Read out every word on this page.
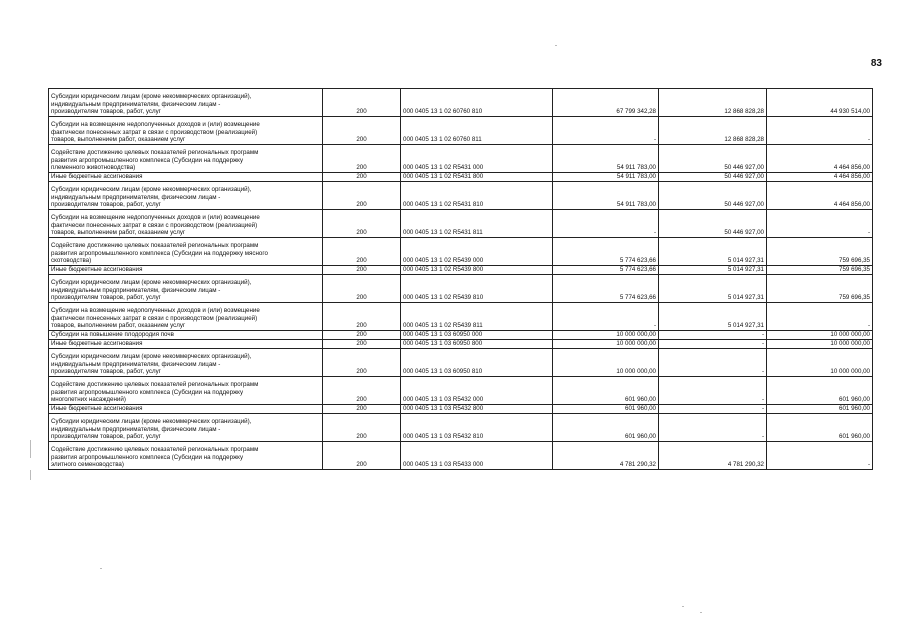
83
Субсидии юридическим лицам (кроме некоммерческих организаций),
индивидуальным предпринимателям, физическим лицам -
производителям товаров, работ, услуг	200	000 0405 13 1 02 60760 810	67 799 342,28	12 868 828,28	44 930 514,00

Субсидии на возмещение недополученных доходов и (или) возмещение
фактически понесенных затрат в связи с производством (реализацией)
товаров, выполнением работ, оказанием услуг	200	000 0405 13 1 02 60760 811	-	12 868 828,28	-

Содействие достижению целевых показателей региональных программ
развития агропромышленного комплекса (Субсидии на поддержку
племенного животноводства)	200	000 0405 13 1 02 R5431 000	54 911 783,00	50 446 927,00	4 464 856,00

Иные бюджетные ассигнования	200	000 0405 13 1 02 R5431 800	54 911 783,00	50 446 927,00	4 464 856,00

Субсидии юридическим лицам (кроме некоммерческих организаций),
индивидуальным предпринимателям, физическим лицам -
производителям товаров, работ, услуг	200	000 0405 13 1 02 R5431 810	54 911 783,00	50 446 927,00	4 464 856,00

Субсидии на возмещение недополученных доходов и (или) возмещение
фактически понесенных затрат в связи с производством (реализацией)
товаров, выполнением работ, оказанием услуг	200	000 0405 13 1 02 R5431 811	-	50 446 927,00	-

Содействие достижению целевых показателей региональных программ
развития агропромышленного комплекса (Субсидии на поддержку мясного
скотоводства)	200	000 0405 13 1 02 R5439 000	5 774 623,66	5 014 927,31	759 696,35

Иные бюджетные ассигнования	200	000 0405 13 1 02 R5439 800	5 774 623,66	5 014 927,31	759 696,35

Субсидии юридическим лицам (кроме некоммерческих организаций),
индивидуальным предпринимателям, физическим лицам -
производителям товаров, работ, услуг	200	000 0405 13 1 02 R5439 810	5 774 623,66	5 014 927,31	759 696,35

Субсидии на возмещение недополученных доходов и (или) возмещение
фактически понесенных затрат в связи с производством (реализацией)
товаров, выполнением работ, оказанием услуг	200	000 0405 13 1 02 R5439 811	-	5 014 927,31	-

Субсидии на повышение плодородия почв	200	000 0405 13 1 03 60950 000	10 000 000,00	-	10 000 000,00

Иные бюджетные ассигнования	200	000 0405 13 1 03 60950 800	10 000 000,00	-	10 000 000,00

Субсидии юридическим лицам (кроме некоммерческих организаций),
индивидуальным предпринимателям, физическим лицам -
производителям товаров, работ, услуг	200	000 0405 13 1 03 60950 810	10 000 000,00	-	10 000 000,00

Содействие достижению целевых показателей региональных программ
развития агропромышленного комплекса (Субсидии на поддержку
многолетних насаждений)	200	000 0405 13 1 03 R5432 000	601 960,00	-	601 960,00

Иные бюджетные ассигнования	200	000 0405 13 1 03 R5432 800	601 960,00	-	601 960,00

Субсидии юридическим лицам (кроме некоммерческих организаций),
индивидуальным предпринимателям, физическим лицам -
производителям товаров, работ, услуг	200	000 0405 13 1 03 R5432 810	601 960,00	-	601 960,00

Содействие достижению целевых показателей региональных программ
развития агропромышленного комплекса (Субсидии на поддержку
элитного семеноводства)	200	000 0405 13 1 03 R5433 000	4 781 290,32	4 781 290,32	-
